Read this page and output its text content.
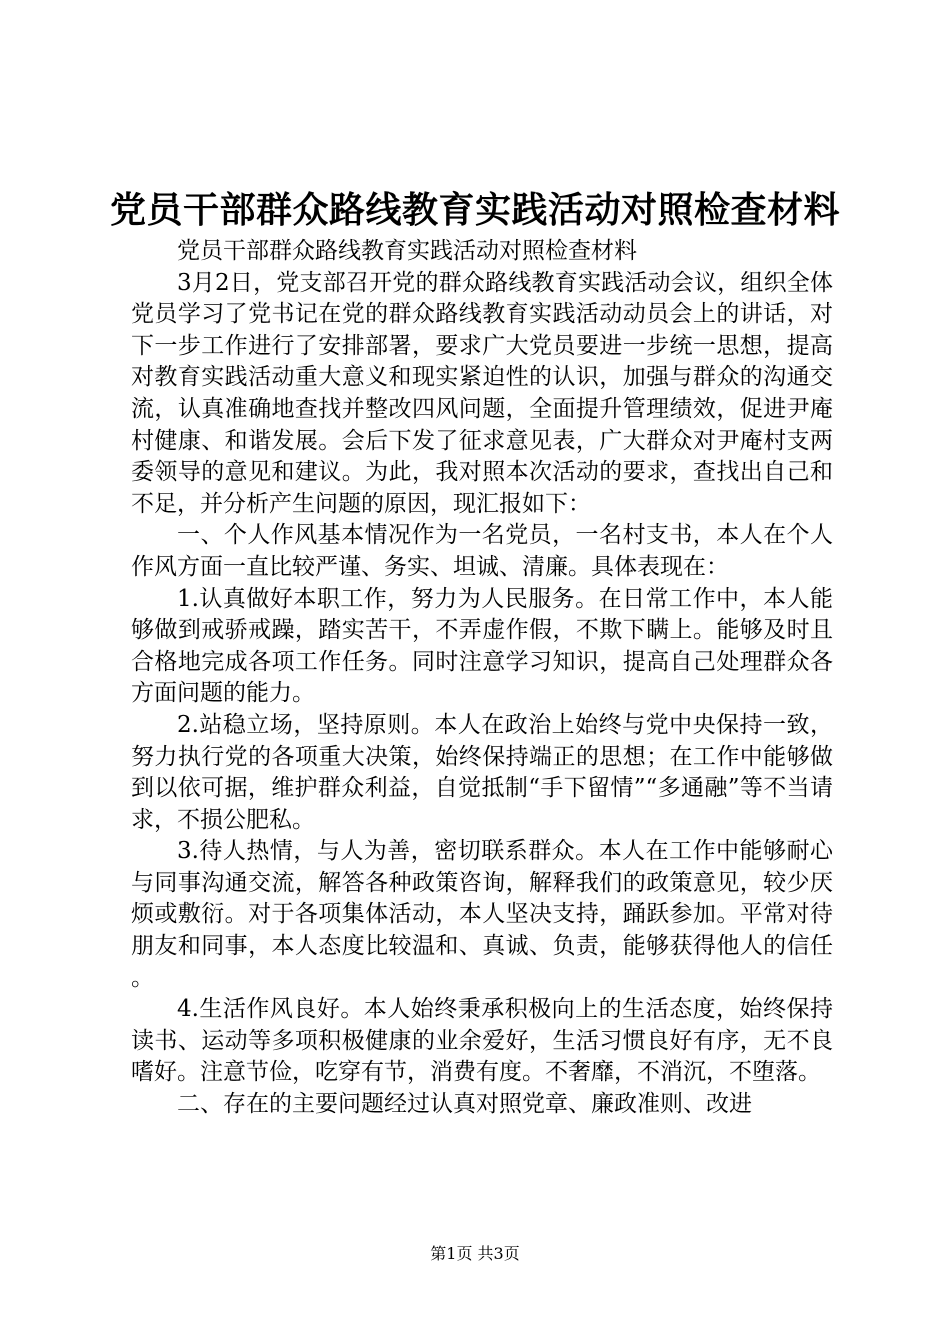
党员干部群众路线教育实践活动对照检查材料

党员干部群众路线教育实践活动对照检查材料

3月2日，党支部召开党的群众路线教育实践活动会议，组织全体党员学习了党书记在党的群众路线教育实践活动动员会上的讲话，对下一步工作进行了安排部署，要求广大党员要进一步统一思想，提高对教育实践活动重大意义和现实紧迫性的认识，加强与群众的沟通交流，认真准确地查找并整改四风问题，全面提升管理绩效，促进尹庵村健康、和谐发展。会后下发了征求意见表，广大群众对尹庵村支两委领导的意见和建议。为此，我对照本次活动的要求，查找出自己和不足，并分析产生问题的原因，现汇报如下：

一、个人作风基本情况作为一名党员，一名村支书，本人在个人作风方面一直比较严谨、务实、坦诚、清廉。具体表现在：

1.认真做好本职工作，努力为人民服务。在日常工作中，本人能够做到戒骄戒躁，踏实苦干，不弄虚作假，不欺下瞒上。能够及时且合格地完成各项工作任务。同时注意学习知识，提高自己处理群众各方面问题的能力。

2.站稳立场，坚持原则。本人在政治上始终与党中央保持一致，努力执行党的各项重大决策，始终保持端正的思想；在工作中能够做到以依可据，维护群众利益，自觉抵制“手下留情”“多通融”等不当请求，不损公肥私。

3.待人热情，与人为善，密切联系群众。本人在工作中能够耐心与同事沟通交流，解答各种政策咨询，解释我们的政策意见，较少厌烦或敷衍。对于各项集体活动，本人坚决支持，踊跃参加。平常对待朋友和同事，本人态度比较温和、真诚、负责，能够获得他人的信任。

4.生活作风良好。本人始终秉承积极向上的生活态度，始终保持读书、运动等多项积极健康的业余爱好，生活习惯良好有序，无不良嗜好。注意节俭，吃穿有节，消费有度。不奢靡，不消沉，不堕落。

二、存在的主要问题经过认真对照党章、廉政准则、改进

第1页 共3页
